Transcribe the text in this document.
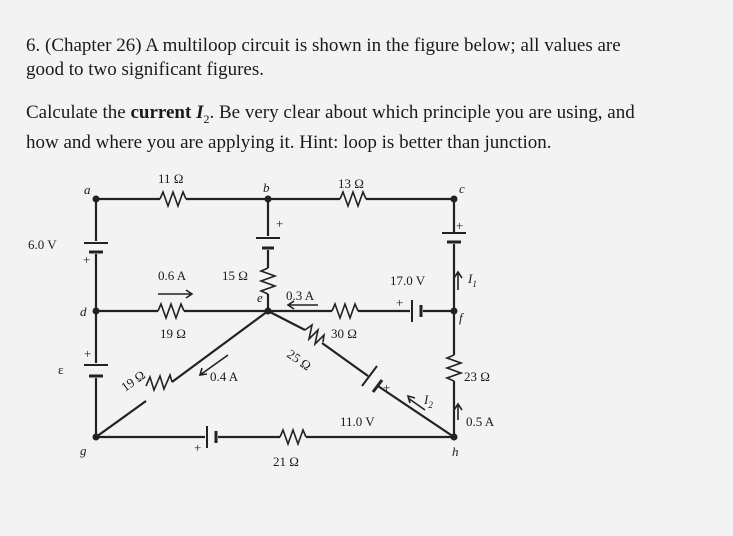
6. (Chapter 26) A multiloop circuit is shown in the figure below; all values are
good to two significant figures.
Calculate the current $I_2$. Be very clear about which principle you are using, and
how and where you are applying it. Hint: loop is better than junction.
a	b	c
d
e
f
g	h
11 Ω	13 Ω
15 Ω
19 Ω	30 Ω
25 Ω
19 Ω
21 Ω
23 Ω
6.0 V
17.0 V
11.0 V
ε
+
+
+
+
+
+
+
0.6 A
0.3 A
0.4 A
0.5 A
$I_1$
$I_2$
